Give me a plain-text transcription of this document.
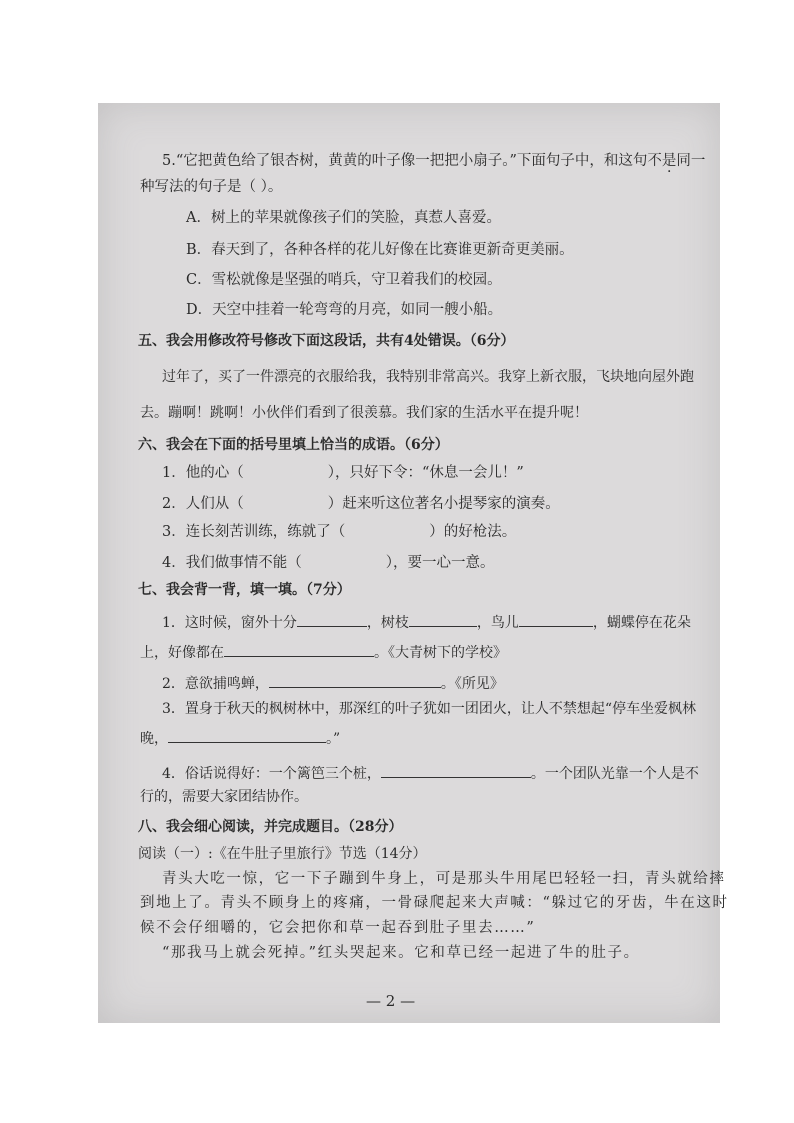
5.“它把黄色给了银杏树，黄黄的叶子像一把把小扇子。”下面句子中，和这句不是同一
种写法的句子是（ ）。
A．树上的苹果就像孩子们的笑脸，真惹人喜爱。
B．春天到了，各种各样的花儿好像在比赛谁更新奇更美丽。
C．雪松就像是坚强的哨兵，守卫着我们的校园。
D．天空中挂着一轮弯弯的月亮，如同一艘小船。
五、我会用修改符号修改下面这段话，共有4处错误。（6分）
过年了，买了一件漂亮的衣服给我，我特别非常高兴。我穿上新衣服，飞块地向屋外跑
去。蹦啊！跳啊！小伙伴们看到了很羡慕。我们家的生活水平在提升呢！
六、我会在下面的括号里填上恰当的成语。（6分）
1．他的心（	），只好下令：“休息一会儿！”
2．人们从（	）赶来听这位著名小提琴家的演奏。
3．连长刻苦训练，练就了（	）的好枪法。
4．我们做事情不能（	），要一心一意。
七、我会背一背，填一填。（7分）
1．这时候，窗外十分	，树枝	，鸟儿	，蝴蝶停在花朵
上，好像都在	。《大青树下的学校》
2．意欲捕鸣蝉，	。《所见》
3．置身于秋天的枫树林中，那深红的叶子犹如一团团火，让人不禁想起“停车坐爱枫林
晚，	。”
4．俗话说得好：一个篱笆三个桩，	。一个团队光靠一个人是不
行的，需要大家团结协作。
八、我会细心阅读，并完成题目。（28分）
阅读（一）:《在牛肚子里旅行》节选（14分）
青头大吃一惊，它一下子蹦到牛身上，可是那头牛用尾巴轻轻一扫，青头就给摔
到地上了。青头不顾身上的疼痛，一骨碌爬起来大声喊：“躲过它的牙齿，牛在这时
候不会仔细嚼的，它会把你和草一起吞到肚子里去……”
“那我马上就会死掉。”红头哭起来。它和草已经一起进了牛的肚子。
— 2 —
